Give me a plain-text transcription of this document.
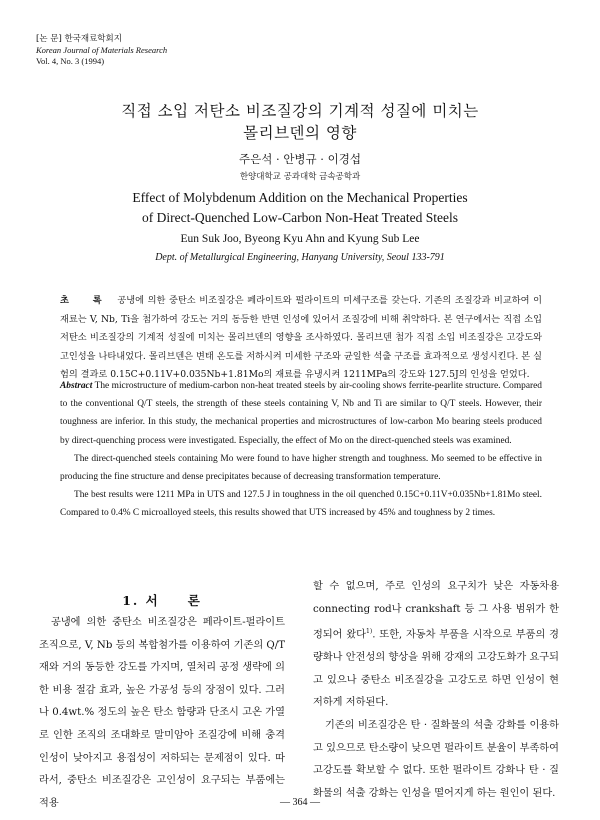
[논 문] 한국재료학회지
Korean Journal of Materials Research
Vol. 4, No. 3 (1994)
직접 소입 저탄소 비조질강의 기계적 성질에 미치는
몰리브덴의 영향
주은석 · 안병규 · 이경섭
한양대학교 공과대학 금속공학과
Effect of Molybdenum Addition on the Mechanical Properties
of Direct-Quenched Low-Carbon Non-Heat Treated Steels
Eun Suk Joo, Byeong Kyu Ahn and Kyung Sub Lee
Dept. of Metallurgical Engineering, Hanyang University, Seoul 133-791
초 록 공냉에 의한 중탄소 비조질강은 페라이트와 펄라이트의 미세구조를 갖는다. 기존의 조질강과 비교하여 이 재료는 V, Nb, Ti을 첨가하여 강도는 거의 동등한 반면 인성에 있어서 조질강에 비해 취약하다. 본 연구에서는 직접 소입 저탄소 비조질강의 기계적 성질에 미치는 몰리브덴의 영향을 조사하였다. 몰리브덴 첨가 직접 소입 비조질강은 고강도와 고인성을 나타내었다. 몰리브덴은 변태 온도를 저하시켜 미세한 구조와 균일한 석출 구조를 효과적으로 생성시킨다. 본 실험의 결과로 0.15C+0.11V+0.035Nb+1.81Mo의 재료를 유냉시켜 1211MPa의 강도와 127.5J의 인성을 얻었다.

Abstract The microstructure of medium-carbon non-heat treated steels by air-cooling shows ferrite-pearlite structure. Compared to the conventional Q/T steels, the strength of these steels containing V, Nb and Ti are similar to Q/T steels. However, their toughness are inferior. In this study, the mechanical properties and microstructures of low-carbon Mo bearing steels produced by direct-quenching process were investigated. Especially, the effect of Mo on the direct-quenched steels was examined.

The direct-quenched steels containing Mo were found to have higher strength and toughness. Mo seemed to be effective in producing the fine structure and dense precipitates because of decreasing transformation temperature.

The best results were 1211 MPa in UTS and 127.5 J in toughness in the oil quenched 0.15C+0.11V+0.035Nb+1.81Mo steel. Compared to 0.4% C microalloyed steels, this results showed that UTS increased by 45% and toughness by 2 times.

1. 서 론

공냉에 의한 중탄소 비조질강은 페라이트-펄라이트 조직으로, V, Nb 등의 복합첨가를 이용하여 기존의 Q/T재와 거의 동등한 강도를 가지며, 열처리 공정 생략에 의한 비용 절감 효과, 높은 가공성 등의 장점이 있다. 그러나 0.4wt.% 정도의 높은 탄소 함량과 단조시 고온 가열로 인한 조직의 조대화로 말미암아 조질강에 비해 충격 인성이 낮아지고 용접성이 저하되는 문제점이 있다. 따라서, 중탄소 비조질강은 고인성이 요구되는 부품에는 적용

할 수 없으며, 주로 인성의 요구치가 낮은 자동차용 connecting rod나 crankshaft 등 그 사용 범위가 한정되어 왔다$^{1)}$. 또한, 자동차 부품을 시작으로 부품의 경량화나 안전성의 향상을 위해 강재의 고강도화가 요구되고 있으나 중탄소 비조질강을 고강도로 하면 인성이 현저하게 저하된다.

기존의 비조질강은 탄 · 질화물의 석출 강화를 이용하고 있으므로 탄소량이 낮으면 펄라이트 분율이 부족하여 고강도를 확보할 수 없다. 또한 펄라이트 강화나 탄 · 질화물의 석출 강화는 인성을 떨어지게 하는 원인이 된다.

― 364 ―
